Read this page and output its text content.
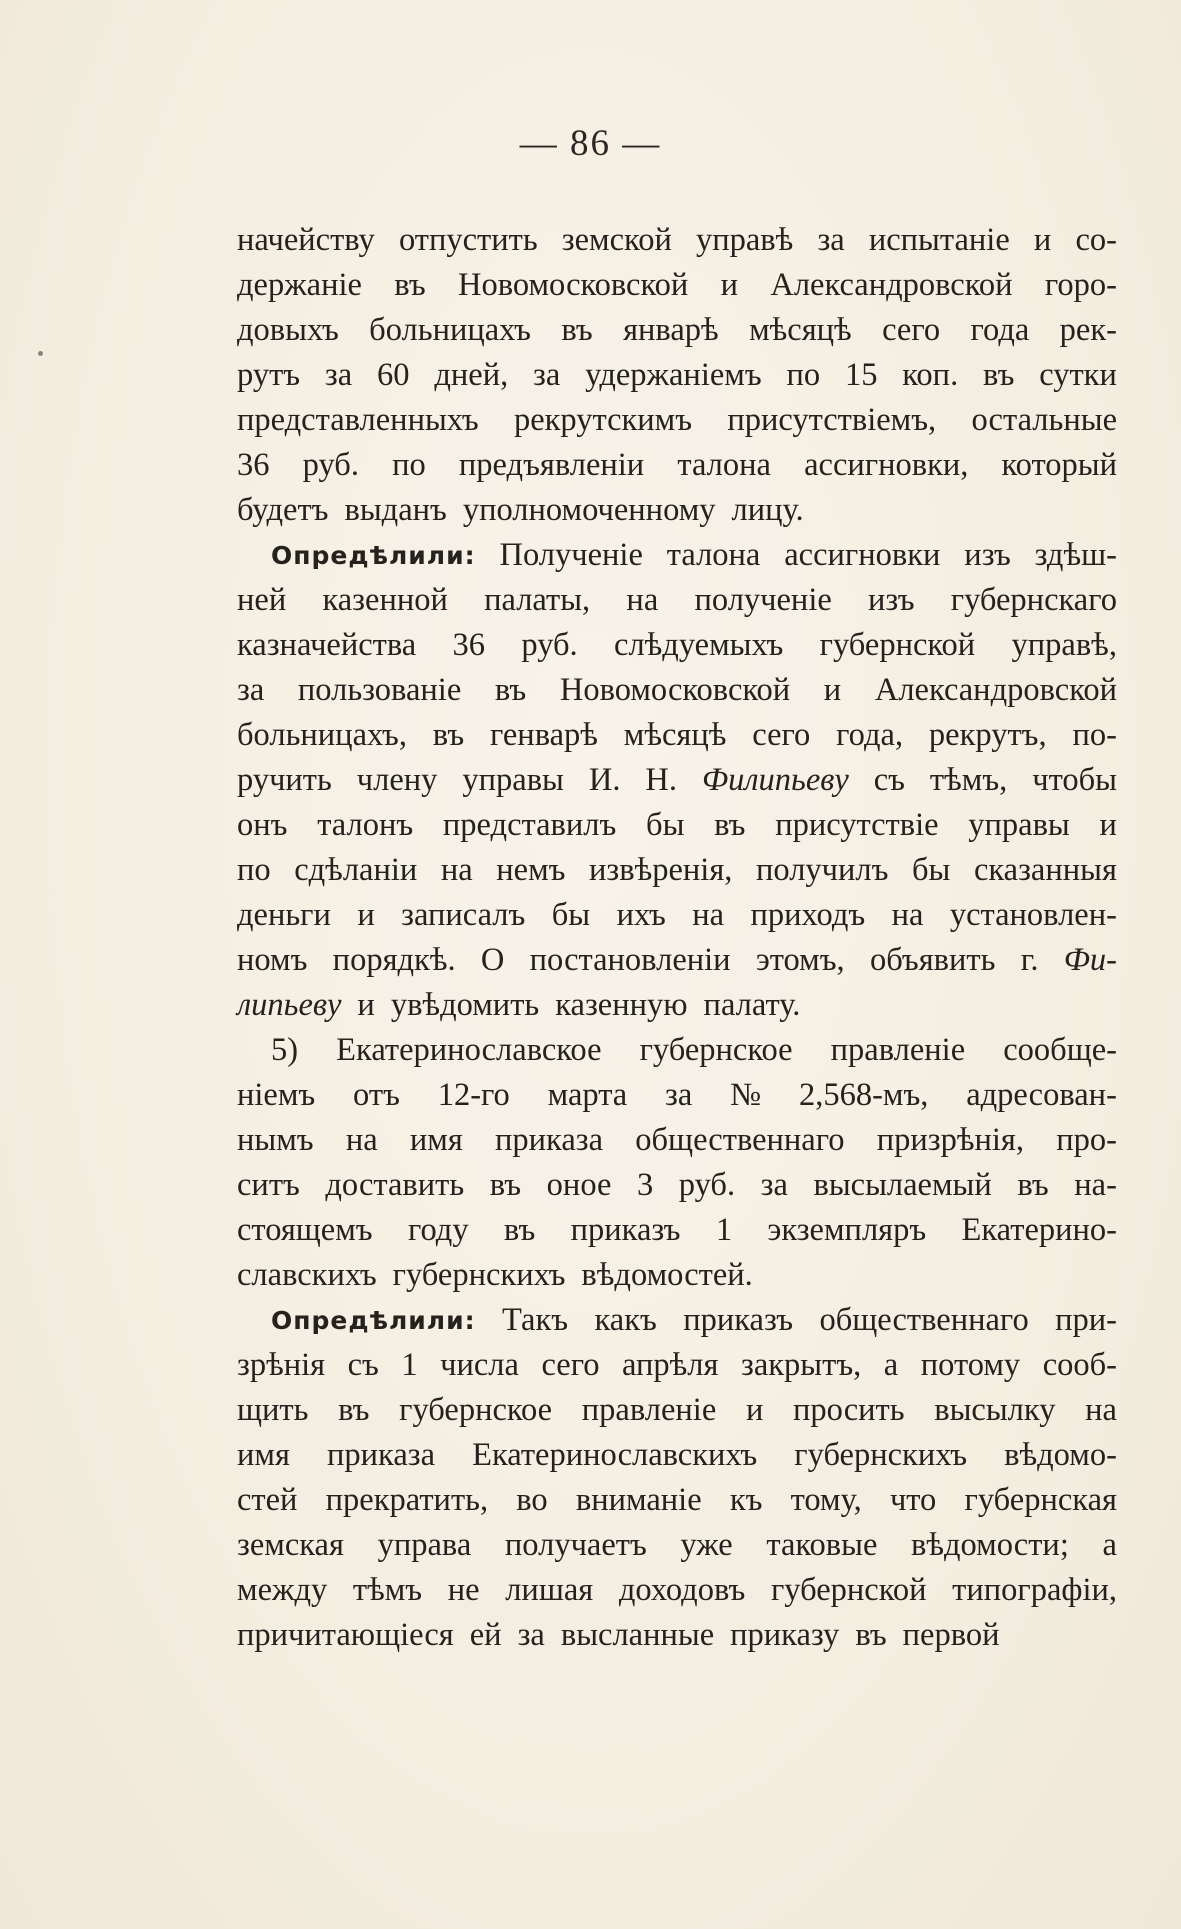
— 86 —
начейству отпустить земской управѣ за испытаніе и со-
держаніе въ Новомосковской и Александровской горо-
довыхъ больницахъ въ январѣ мѣсяцѣ сего года рек-
рутъ за 60 дней, за удержаніемъ по 15 коп. въ сутки
представленныхъ рекрутскимъ присутствіемъ, остальные
36 руб. по предъявленіи талона ассигновки, который
будетъ выданъ уполномоченному лицу.
Опредѣлили: Полученіе талона ассигновки изъ здѣш-
ней казенной палаты, на полученіе изъ губернскаго
казначейства 36 руб. слѣдуемыхъ губернской управѣ,
за пользованіе въ Новомосковской и Александровской
больницахъ, въ генварѣ мѣсяцѣ сего года, рекрутъ, по-
ручить члену управы И. Н. Филипьеву съ тѣмъ, чтобы
онъ талонъ представилъ бы въ присутствіе управы и
по сдѣланіи на немъ извѣренія, получилъ бы сказанныя
деньги и записалъ бы ихъ на приходъ на установлен-
номъ порядкѣ. О постановленіи этомъ, объявить г. Фи-
липьеву и увѣдомить казенную палату.
5) Екатеринославское губернское правленіе сообще-
ніемъ отъ 12-го марта за № 2,568-мъ, адресован-
нымъ на имя приказа общественнаго призрѣнія, про-
ситъ доставить въ оное 3 руб. за высылаемый въ на-
стоящемъ году въ приказъ 1 экземпляръ Екатерино-
славскихъ губернскихъ вѣдомостей.
Опредѣлили: Такъ какъ приказъ общественнаго при-
зрѣнія съ 1 числа сего апрѣля закрытъ, а потому сооб-
щить въ губернское правленіе и просить высылку на
имя приказа Екатеринославскихъ губернскихъ вѣдомо-
стей прекратить, во вниманіе къ тому, что губернская
земская управа получаетъ уже таковые вѣдомости; а
между тѣмъ не лишая доходовъ губернской типографіи,
причитающіеся ей за высланные приказу въ первой
